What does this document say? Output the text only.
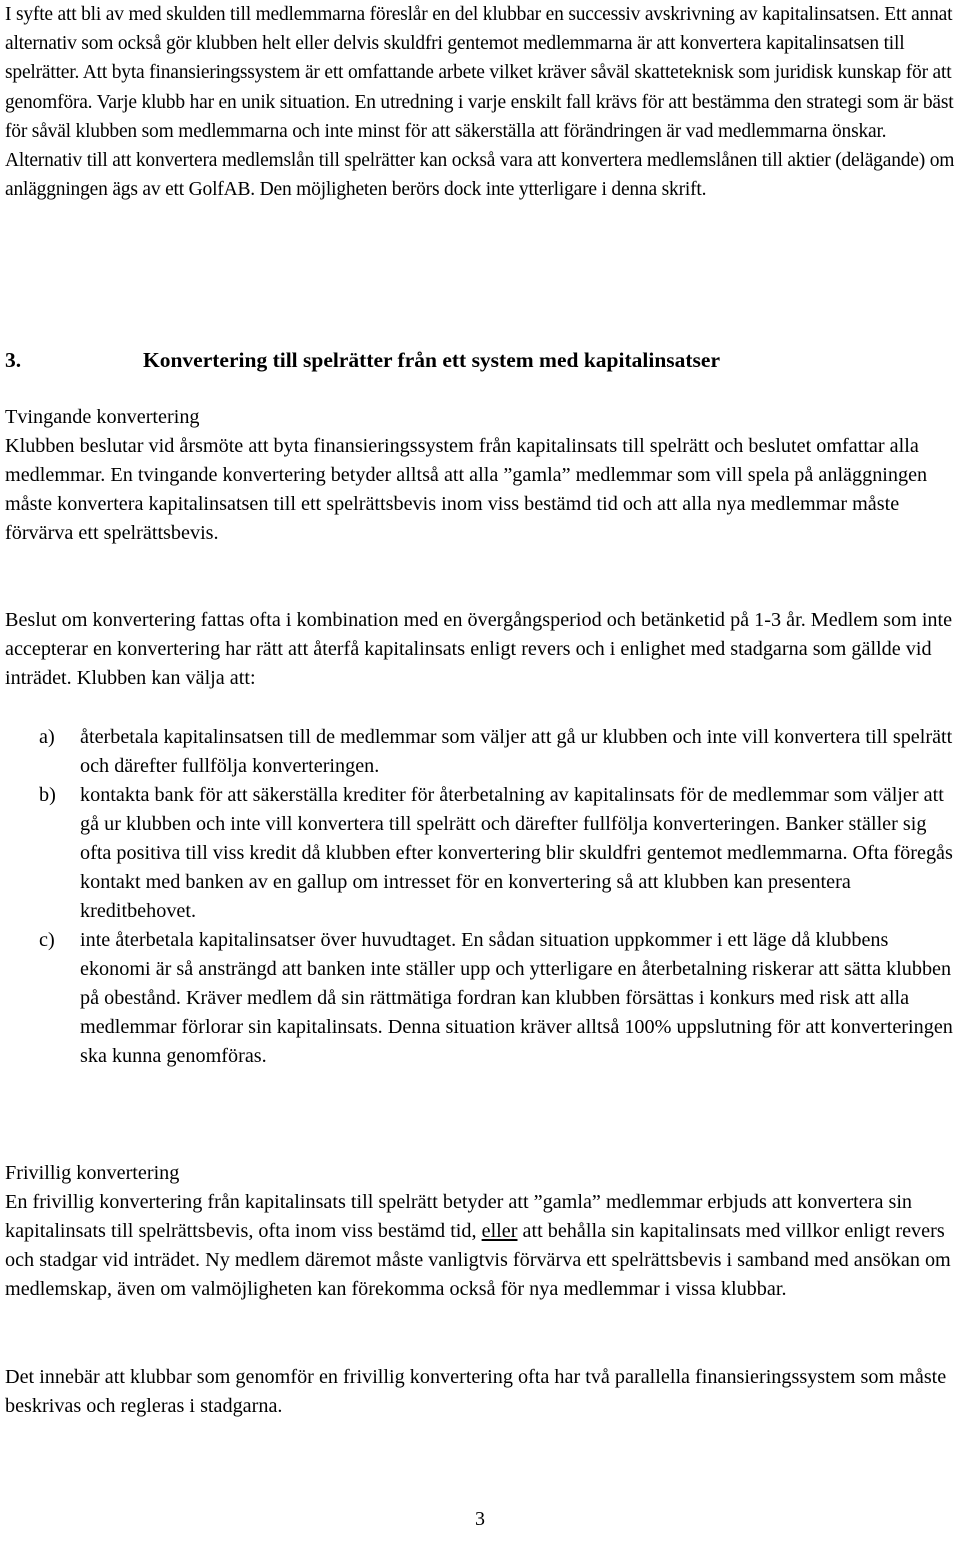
I syfte att bli av med skulden till medlemmarna föreslår en del klubbar en successiv avskrivning av kapitalinsatsen. Ett annat alternativ som också gör klubben helt eller delvis skuldfri gentemot medlemmarna är att konvertera kapitalinsatsen till spelrätter. Att byta finansieringssystem är ett omfattande arbete vilket kräver såväl skatteteknisk som juridisk kunskap för att genomföra. Varje klubb har en unik situation. En utredning i varje enskilt fall krävs för att bestämma den strategi som är bäst för såväl klubben som medlemmarna och inte minst för att säkerställa att förändringen är vad medlemmarna önskar. Alternativ till att konvertera medlemslån till spelrätter kan också vara att konvertera medlemslånen till aktier (delägande) om anläggningen ägs av ett GolfAB. Den möjligheten berörs dock inte ytterligare i denna skrift.

3.	Konvertering till spelrätter från ett system med kapitalinsatser

Tvingande konvertering

Klubben beslutar vid årsmöte att byta finansieringssystem från kapitalinsats till spelrätt och beslutet omfattar alla medlemmar. En tvingande konvertering betyder alltså att alla ”gamla” medlemmar som vill spela på anläggningen måste konvertera kapitalinsatsen till ett spelrättsbevis inom viss bestämd tid och att alla nya medlemmar måste förvärva ett spelrättsbevis.

Beslut om konvertering fattas ofta i kombination med en övergångsperiod och betänketid på 1-3 år. Medlem som inte accepterar en konvertering har rätt att återfå kapitalinsats enligt revers och i enlighet med stadgarna som gällde vid inträdet. Klubben kan välja att:

a) återbetala kapitalinsatsen till de medlemmar som väljer att gå ur klubben och inte vill konvertera till spelrätt och därefter fullfölja konverteringen.
b) kontakta bank för att säkerställa krediter för återbetalning av kapitalinsats för de medlemmar som väljer att gå ur klubben och inte vill konvertera till spelrätt och därefter fullfölja konverteringen. Banker ställer sig ofta positiva till viss kredit då klubben efter konvertering blir skuldfri gentemot medlemmarna. Ofta föregås kontakt med banken av en gallup om intresset för en konvertering så att klubben kan presentera kreditbehovet.
c) inte återbetala kapitalinsatser över huvudtaget. En sådan situation uppkommer i ett läge då klubbens ekonomi är så ansträngd att banken inte ställer upp och ytterligare en återbetalning riskerar att sätta klubben på obestånd. Kräver medlem då sin rättmätiga fordran kan klubben försättas i konkurs med risk att alla medlemmar förlorar sin kapitalinsats. Denna situation kräver alltså 100% uppslutning för att konverteringen ska kunna genomföras.

Frivillig konvertering

En frivillig konvertering från kapitalinsats till spelrätt betyder att ”gamla” medlemmar erbjuds att konvertera sin kapitalinsats till spelrättsbevis, ofta inom viss bestämd tid, eller att behålla sin kapitalinsats med villkor enligt revers och stadgar vid inträdet. Ny medlem däremot måste vanligtvis förvärva ett spelrättsbevis i samband med ansökan om medlemskap, även om valmöjligheten kan förekomma också för nya medlemmar i vissa klubbar.

Det innebär att klubbar som genomför en frivillig konvertering ofta har två parallella finansieringssystem som måste beskrivas och regleras i stadgarna.

3
